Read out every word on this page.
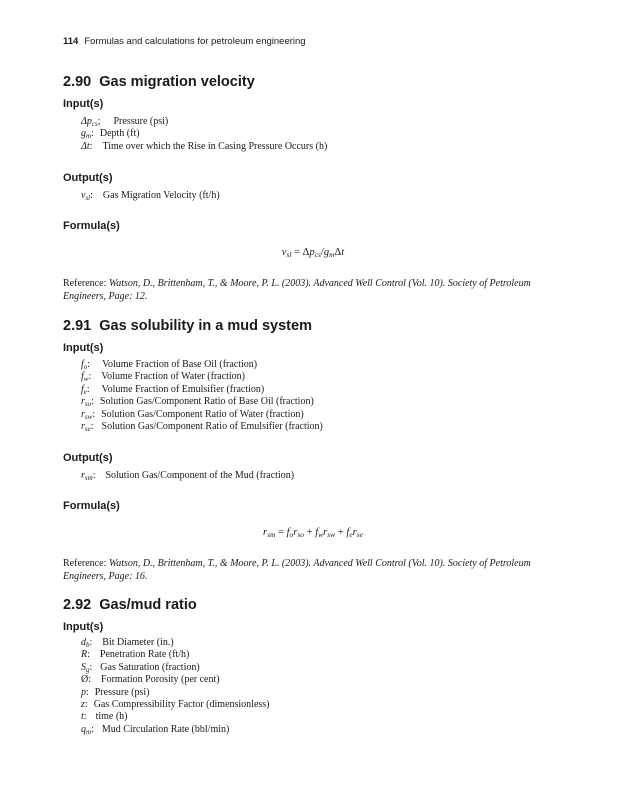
114 Formulas and calculations for petroleum engineering
2.90 Gas migration velocity
Input(s)
$\Delta p_{cs}$; Pressure (psi)
$g_m$: Depth (ft)
Δt: Time over which the Rise in Casing Pressure Occurs (h)
Output(s)
$v_{sl}$: Gas Migration Velocity (ft/h)
Formula(s)
$v_{sl} = \Delta p_{cs}/g_m\Delta t$
Reference: Watson, D., Brittenham, T., & Moore, P. L. (2003). Advanced Well Control (Vol. 10). Society of Petroleum Engineers, Page: 12.
2.91 Gas solubility in a mud system
Input(s)
$f_o$: Volume Fraction of Base Oil (fraction)
$f_w$: Volume Fraction of Water (fraction)
$f_e$: Volume Fraction of Emulsifier (fraction)
$r_{so}$: Solution Gas/Component Ratio of Base Oil (fraction)
$r_{sw}$: Solution Gas/Component Ratio of Water (fraction)
$r_{se}$: Solution Gas/Component Ratio of Emulsifier (fraction)
Output(s)
$r_{sm}$: Solution Gas/Component of the Mud (fraction)
Formula(s)
$r_{sm} = f_or_{so} + f_wr_{sw} + f_er_{se}$
Reference: Watson, D., Brittenham, T., & Moore, P. L. (2003). Advanced Well Control (Vol. 10). Society of Petroleum Engineers, Page: 16.
2.92 Gas/mud ratio
Input(s)
$d_b$: Bit Diameter (in.)
R: Penetration Rate (ft/h)
$S_g$: Gas Saturation (fraction)
Ø: Formation Porosity (per cent)
p: Pressure (psi)
z: Gas Compressibility Factor (dimensionless)
t: time (h)
$q_m$: Mud Circulation Rate (bbl/min)
